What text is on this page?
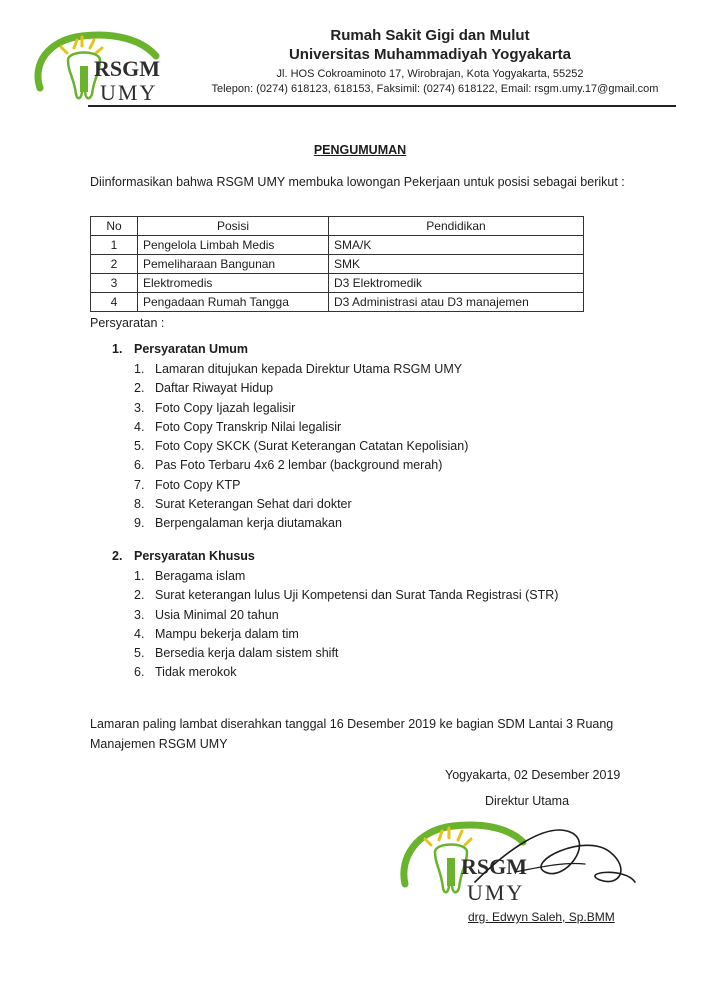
RSGM
UMY
Rumah Sakit Gigi dan Mulut
Universitas Muhammadiyah Yogyakarta
Jl. HOS Cokroaminoto 17, Wirobrajan, Kota Yogyakarta, 55252
Telepon: (0274) 618123, 618153, Faksimil: (0274) 618122, Email: rsgm.umy.17@gmail.com
PENGUMUMAN
Diinformasikan bahwa RSGM UMY membuka lowongan Pekerjaan untuk posisi sebagai berikut :
No	Posisi	Pendidikan
1	Pengelola Limbah Medis	SMA/K
2	Pemeliharaan Bangunan	SMK
3	Elektromedis	D3 Elektromedik
4	Pengadaan Rumah Tangga	D3 Administrasi atau D3 manajemen
Persyaratan :
1. Persyaratan Umum
1. Lamaran ditujukan kepada Direktur Utama RSGM UMY
2. Daftar Riwayat Hidup
3. Foto Copy Ijazah legalisir
4. Foto Copy Transkrip Nilai legalisir
5. Foto Copy SKCK (Surat Keterangan Catatan Kepolisian)
6. Pas Foto Terbaru 4x6 2 lembar (background merah)
7. Foto Copy KTP
8. Surat Keterangan Sehat dari dokter
9. Berpengalaman kerja diutamakan
2. Persyaratan Khusus
1. Beragama islam
2. Surat keterangan lulus Uji Kompetensi dan Surat Tanda Registrasi (STR)
3. Usia Minimal 20 tahun
4. Mampu bekerja dalam tim
5. Bersedia kerja dalam sistem shift
6. Tidak merokok
Lamaran paling lambat diserahkan tanggal 16 Desember 2019 ke bagian SDM Lantai 3 Ruang Manajemen RSGM UMY
Yogyakarta, 02 Desember 2019
Direktur Utama
RSGM
UMY
drg. Edwyn Saleh, Sp.BMM
